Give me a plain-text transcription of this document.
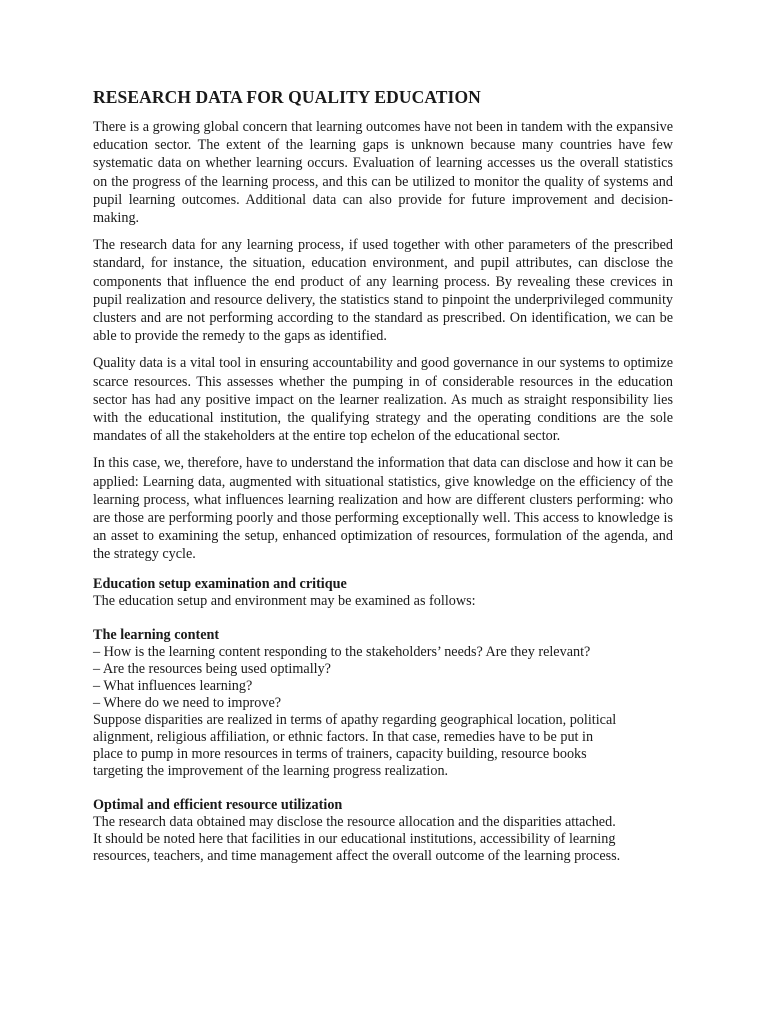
RESEARCH DATA FOR QUALITY EDUCATION

There is a growing global concern that learning outcomes have not been in tandem with the expansive education sector. The extent of the learning gaps is unknown because many countries have few systematic data on whether learning occurs. Evaluation of learning accesses us the overall statistics on the progress of the learning process, and this can be utilized to monitor the quality of systems and pupil learning outcomes. Additional data can also provide for future improvement and decision-making.

The research data for any learning process, if used together with other parameters of the prescribed standard, for instance, the situation, education environment, and pupil attributes, can disclose the components that influence the end product of any learning process. By revealing these crevices in pupil realization and resource delivery, the statistics stand to pinpoint the underprivileged community clusters and are not performing according to the standard as prescribed. On identification, we can be able to provide the remedy to the gaps as identified.

Quality data is a vital tool in ensuring accountability and good governance in our systems to optimize scarce resources. This assesses whether the pumping in of considerable resources in the education sector has had any positive impact on the learner realization. As much as straight responsibility lies with the educational institution, the qualifying strategy and the operating conditions are the sole mandates of all the stakeholders at the entire top echelon of the educational sector.

In this case, we, therefore, have to understand the information that data can disclose and how it can be applied: Learning data, augmented with situational statistics, give knowledge on the efficiency of the learning process, what influences learning realization and how are different clusters performing: who are those are performing poorly and those performing exceptionally well. This access to knowledge is an asset to examining the setup, enhanced optimization of resources, formulation of the agenda, and the strategy cycle.

Education setup examination and critique

The education setup and environment may be examined as follows:

The learning content

– How is the learning content responding to the stakeholders’ needs? Are they relevant?

– Are the resources being used optimally?

– What influences learning?

– Where do we need to improve?

Suppose disparities are realized in terms of apathy regarding geographical location, political

alignment, religious affiliation, or ethnic factors. In that case, remedies have to be put in

place to pump in more resources in terms of trainers, capacity building, resource books

targeting the improvement of the learning progress realization.

Optimal and efficient resource utilization

The research data obtained may disclose the resource allocation and the disparities attached.

It should be noted here that facilities in our educational institutions, accessibility of learning

resources, teachers, and time management affect the overall outcome of the learning process.
